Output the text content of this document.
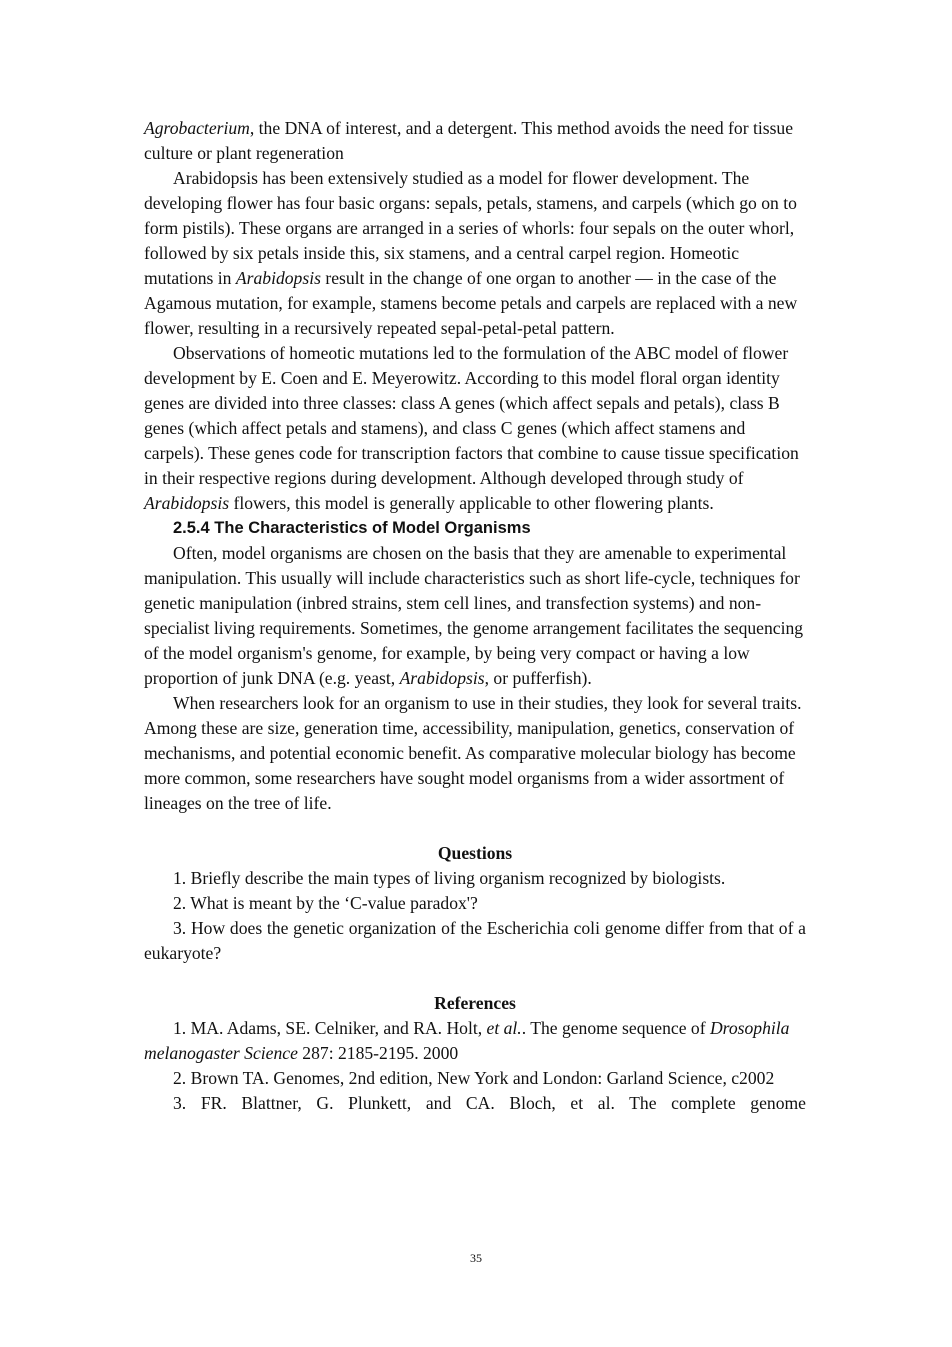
Agrobacterium, the DNA of interest, and a detergent. This method avoids the need for tissue culture or plant regeneration

Arabidopsis has been extensively studied as a model for flower development. The developing flower has four basic organs: sepals, petals, stamens, and carpels (which go on to form pistils). These organs are arranged in a series of whorls: four sepals on the outer whorl, followed by six petals inside this, six stamens, and a central carpel region. Homeotic mutations in Arabidopsis result in the change of one organ to another — in the case of the Agamous mutation, for example, stamens become petals and carpels are replaced with a new flower, resulting in a recursively repeated sepal-petal-petal pattern.

Observations of homeotic mutations led to the formulation of the ABC model of flower development by E. Coen and E. Meyerowitz. According to this model floral organ identity genes are divided into three classes: class A genes (which affect sepals and petals), class B genes (which affect petals and stamens), and class C genes (which affect stamens and carpels). These genes code for transcription factors that combine to cause tissue specification in their respective regions during development. Although developed through study of Arabidopsis flowers, this model is generally applicable to other flowering plants.

2.5.4 The Characteristics of Model Organisms

Often, model organisms are chosen on the basis that they are amenable to experimental manipulation. This usually will include characteristics such as short life-cycle, techniques for genetic manipulation (inbred strains, stem cell lines, and transfection systems) and non-specialist living requirements. Sometimes, the genome arrangement facilitates the sequencing of the model organism's genome, for example, by being very compact or having a low proportion of junk DNA (e.g. yeast, Arabidopsis, or pufferfish).

When researchers look for an organism to use in their studies, they look for several traits. Among these are size, generation time, accessibility, manipulation, genetics, conservation of mechanisms, and potential economic benefit. As comparative molecular biology has become more common, some researchers have sought model organisms from a wider assortment of lineages on the tree of life.

Questions

1. Briefly describe the main types of living organism recognized by biologists.

2. What is meant by the ‘C-value paradox'?

3. How does the genetic organization of the Escherichia coli genome differ from that of a eukaryote?

References

1. MA. Adams, SE. Celniker, and RA. Holt, et al.. The genome sequence of Drosophila melanogaster Science 287: 2185-2195. 2000

2. Brown TA. Genomes, 2nd edition, New York and London: Garland Science, c2002

3. FR. Blattner, G. Plunkett, and CA. Bloch, et al. The complete genome

35
